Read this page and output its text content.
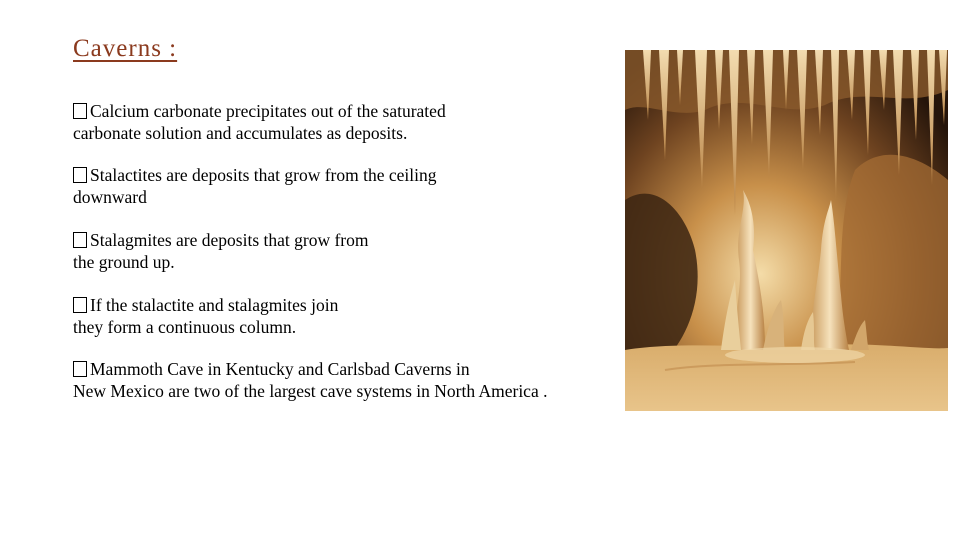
Caverns :
Calcium carbonate precipitates out of the saturated
carbonate solution and accumulates as deposits.
Stalactites are deposits that grow from the ceiling
downward
Stalagmites are deposits that grow from
the ground up.
If the stalactite and stalagmites join
they form a continuous column.
Mammoth Cave in Kentucky and Carlsbad Caverns in
New Mexico are two of the largest cave systems in North America .
